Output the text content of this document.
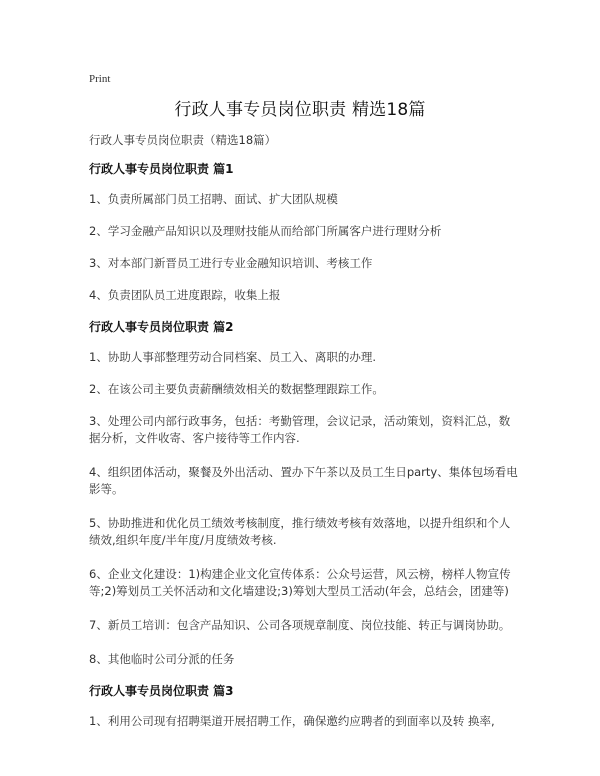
Print
行政人事专员岗位职责 精选18篇
行政人事专员岗位职责（精选18篇）
行政人事专员岗位职责 篇1
1、负责所属部门员工招聘、面试、扩大团队规模
2、学习金融产品知识以及理财技能从而给部门所属客户进行理财分析
3、对本部门新晋员工进行专业金融知识培训、考核工作
4、负责团队员工进度跟踪，收集上报
行政人事专员岗位职责 篇2
1、协助人事部整理劳动合同档案、员工入、离职的办理.
2、在该公司主要负责薪酬绩效相关的数据整理跟踪工作。
3、处理公司内部行政事务，包括：考勤管理，会议记录，活动策划，资料汇总，数据分析，文件收寄、客户接待等工作内容.
4、组织团体活动，聚餐及外出活动、置办下午茶以及员工生日party、集体包场看电影等。
5、协助推进和优化员工绩效考核制度，推行绩效考核有效落地，以提升组织和个人绩效,组织年度/半年度/月度绩效考核.
6、企业文化建设：1)构建企业文化宣传体系：公众号运营，风云榜，榜样人物宣传等;2)筹划员工关怀活动和文化墙建设;3)筹划大型员工活动(年会，总结会，团建等)
7、新员工培训：包含产品知识、公司各项规章制度、岗位技能、转正与调岗协助。
8、其他临时公司分派的任务
行政人事专员岗位职责 篇3
1、利用公司现有招聘渠道开展招聘工作，确保邀约应聘者的到面率以及转 换率,
